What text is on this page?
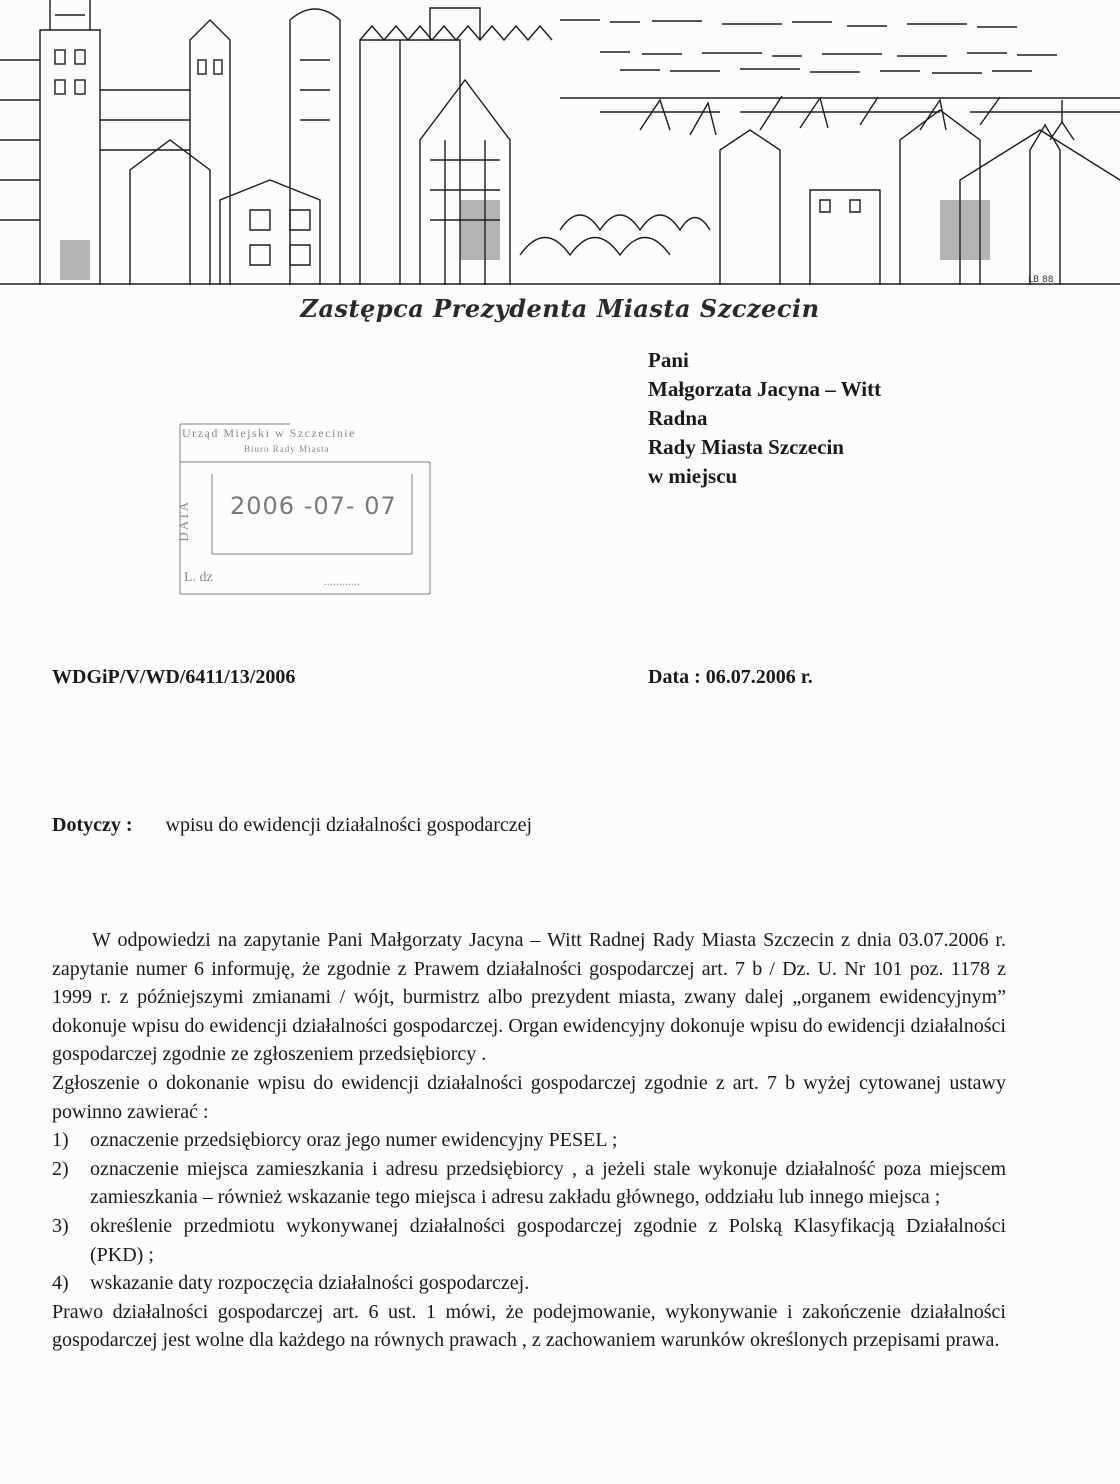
LB 88
Zastępca Prezydenta Miasta Szczecin
Pani
Małgorzata Jacyna – Witt
Radna
Rady Miasta Szczecin
w miejscu
Urząd Miejski w Szczecinie
Biuro Rady Miasta
DATA 2006 -07- 07
L. dz	............
WDGiP/V/WD/6411/13/2006	Data : 06.07.2006 r.
Dotyczy : wpisu do ewidencji działalności gospodarczej

W odpowiedzi na zapytanie Pani Małgorzaty Jacyna – Witt Radnej Rady Miasta Szczecin z dnia 03.07.2006 r. zapytanie numer 6 informuję, że zgodnie z Prawem działalności gospodarczej art. 7 b / Dz. U. Nr 101 poz. 1178 z 1999 r. z późniejszymi zmianami / wójt, burmistrz albo prezydent miasta, zwany dalej „organem ewidencyjnym” dokonuje wpisu do ewidencji działalności gospodarczej. Organ ewidencyjny dokonuje wpisu do ewidencji działalności gospodarczej zgodnie ze zgłoszeniem przedsiębiorcy .

Zgłoszenie o dokonanie wpisu do ewidencji działalności gospodarczej zgodnie z art. 7 b wyżej cytowanej ustawy powinno zawierać :

1) oznaczenie przedsiębiorcy oraz jego numer ewidencyjny PESEL ;
2) oznaczenie miejsca zamieszkania i adresu przedsiębiorcy , a jeżeli stale wykonuje działalność poza miejscem zamieszkania – również wskazanie tego miejsca i adresu zakładu głównego, oddziału lub innego miejsca ;
3) określenie przedmiotu wykonywanej działalności gospodarczej zgodnie z Polską Klasyfikacją Działalności (PKD) ;
4) wskazanie daty rozpoczęcia działalności gospodarczej.

Prawo działalności gospodarczej art. 6 ust. 1 mówi, że podejmowanie, wykonywanie i zakończenie działalności gospodarczej jest wolne dla każdego na równych prawach , z zachowaniem warunków określonych przepisami prawa.
